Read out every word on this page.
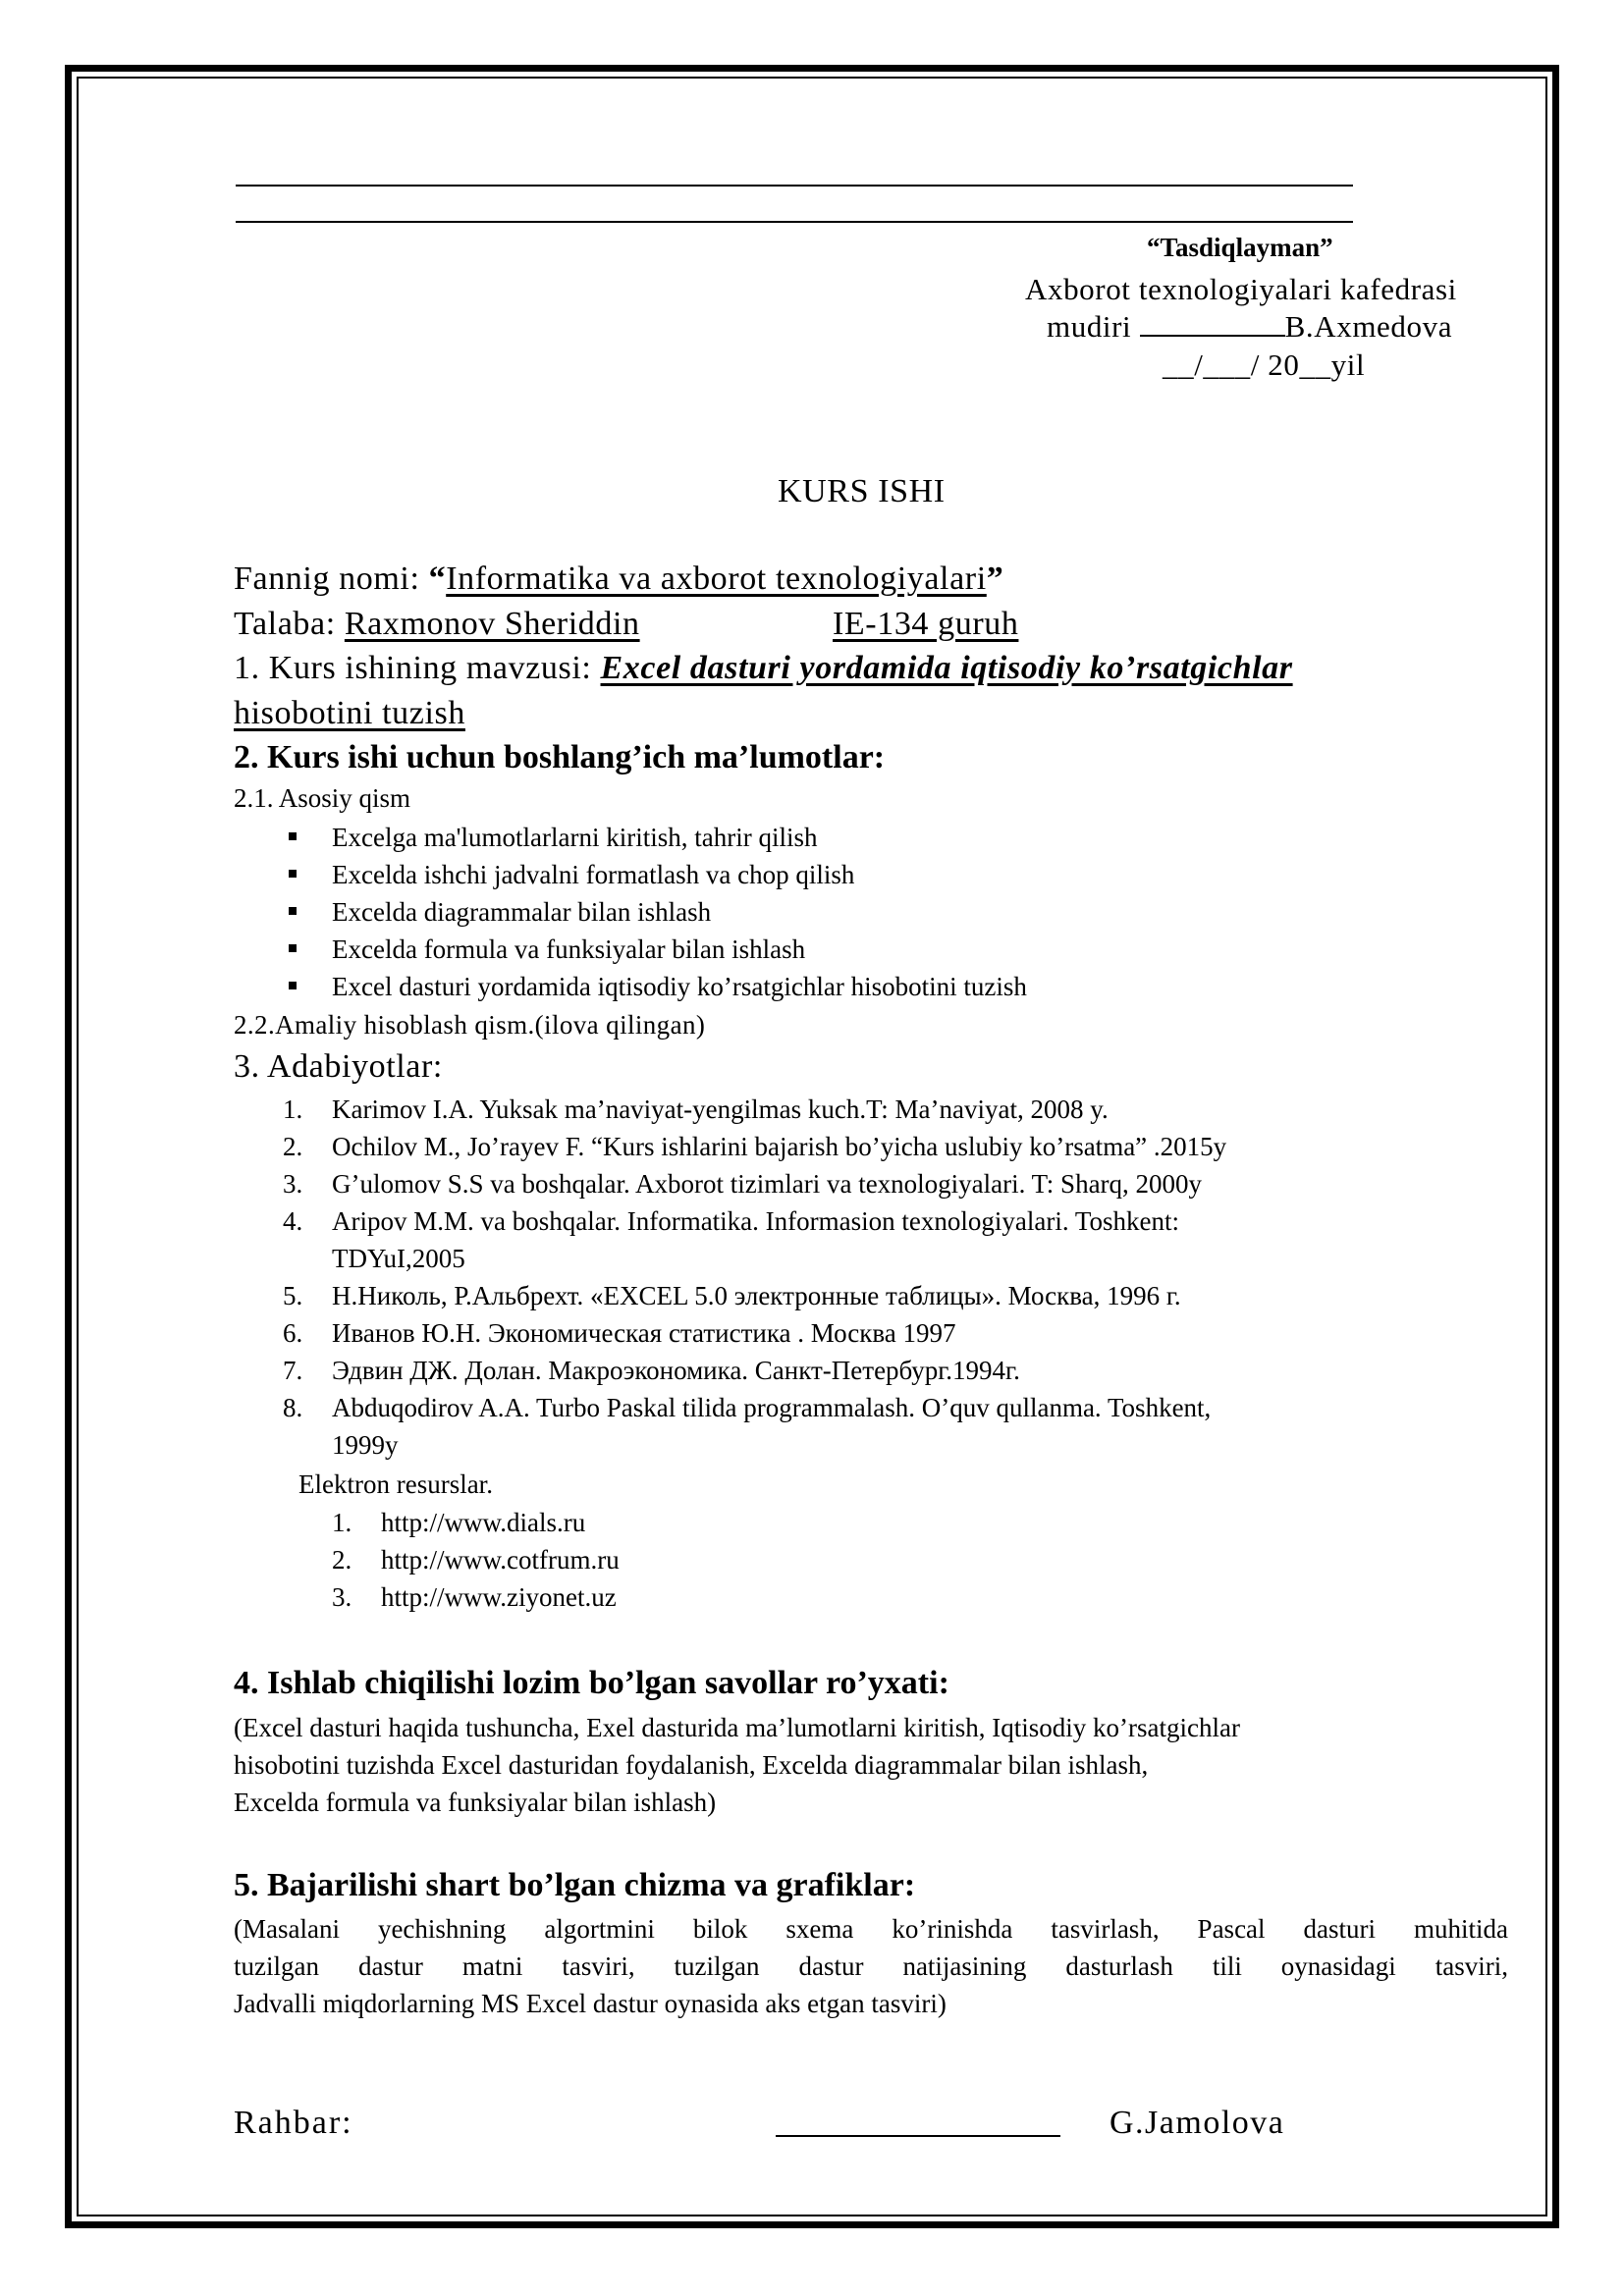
“Tasdiqlayman”
Axborot texnologiyalari kafedrasi
mudiri	B.Axmedova
__/___/ 20__yil
KURS ISHI
Fannig nomi: “Informatika va axborot texnologiyalari”
Talaba: Raxmonov Sheriddin	IE-134 guruh
1. Kurs ishining mavzusi: Excel dasturi yordamida iqtisodiy ko’rsatgichlar
hisobotini tuzish
2. Kurs ishi uchun boshlang’ich ma’lumotlar:
2.1. Asosiy qism
Excelga ma'lumotlarlarni kiritish, tahrir qilish
Excelda ishchi jadvalni formatlash va chop qilish
Excelda diagrammalar bilan ishlash
Excelda formula va funksiyalar bilan ishlash
Excel dasturi yordamida iqtisodiy ko’rsatgichlar hisobotini tuzish
2.2.Amaliy hisoblash qism.(ilova qilingan)
3. Adabiyotlar:
1.	Karimov I.A. Yuksak ma’naviyat-yengilmas kuch.T: Ma’naviyat, 2008 y.
2.	Ochilov M., Jo’rayev F. “Kurs ishlarini bajarish bo’yicha uslubiy ko’rsatma” .2015y
3.	G’ulomov S.S va boshqalar. Axborot tizimlari va texnologiyalari. T: Sharq, 2000y
4.	Aripov M.M. va boshqalar. Informatika. Informasion texnologiyalari. Toshkent:
TDYuI,2005
5.	Н.Николь, Р.Альбрехт. «EXCEL 5.0 электронные таблицы». Москва, 1996 г.
6.	Иванов Ю.Н. Экономическая статистика . Москва 1997
7.	Эдвин ДЖ. Долан. Макроэкономика. Санкт-Петербург.1994г.
8.	Abduqodirov A.A. Turbo Paskal tilida programmalash. O’quv qullanma. Toshkent,
1999y
Elektron resurslar.
1.	http://www.dials.ru
2.	http://www.cotfrum.ru
3.	http://www.ziyonet.uz
4. Ishlab chiqilishi lozim bo’lgan savollar ro’yxati:
(Excel dasturi haqida tushuncha, Exel dasturida ma’lumotlarni kiritish, Iqtisodiy ko’rsatgichlar
hisobotini tuzishda Excel dasturidan foydalanish, Excelda diagrammalar bilan ishlash,
Excelda formula va funksiyalar bilan ishlash)
5. Bajarilishi shart bo’lgan chizma va grafiklar:
(Masalani yechishning algortmini bilok sxema ko’rinishda tasvirlash, Pascal dasturi muhitida
tuzilgan dastur matni tasviri, tuzilgan dastur natijasining dasturlash tili oynasidagi tasviri,
Jadvalli miqdorlarning MS Excel dastur oynasida aks etgan tasviri)
Rahbar:	G.Jamolova
